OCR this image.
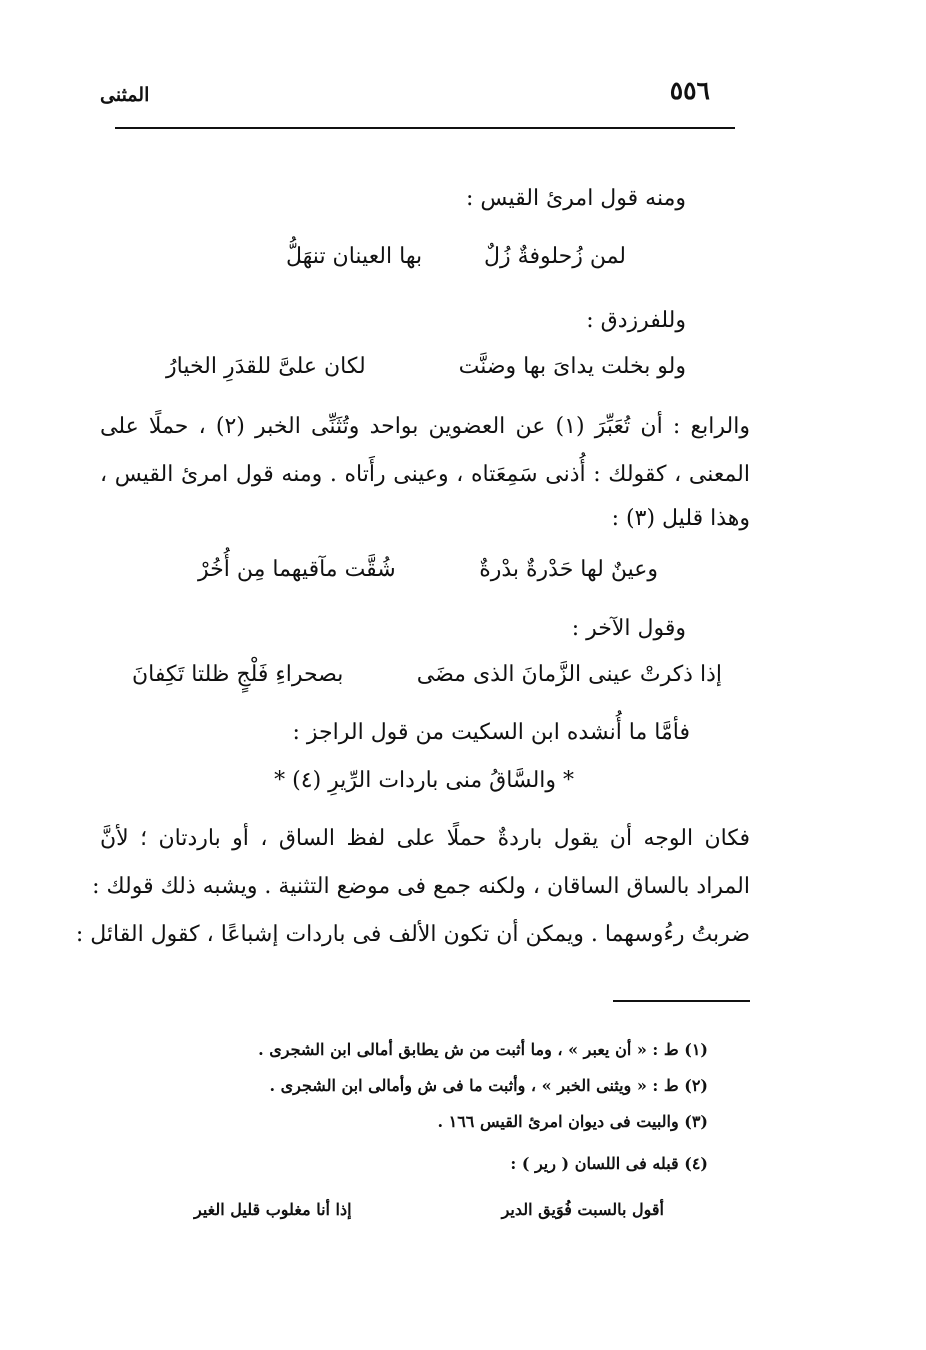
٥٥٦
المثنى
ومنه قول امرئ القيس :
لمن زُحلوفةٌ زُلٌ
بها العينان تنهَلُّ
وللفرزدق :
ولو بخلت يداىَ بها وضنَّت
لكان علىَّ للقدَرِ الخيارُ
والرابع : أن تُعَبِّرَ (١) عن العضوين بواحد وتُثَنِّى الخبر (٢) ، حملًا على
المعنى ، كقولك : أُذنى سَمِعَتاه ، وعينى رأَتاه . ومنه قول امرئ القيس ،
وهذا قليل (٣) :
وعينٌ لها حَدْرةٌ بدْرةٌ
شُقَّت مآقيهما مِن أُخُرْ
وقول الآخر :
إذا ذكرتْ عينى الزَّمانَ الذى مضَى
بصحراءِ فَلْجٍ ظلتا تَكِفانَ
فأمَّا ما أُنشده ابن السكيت من قول الراجز :
* والسَّاقُ منى باردات الرِّيرِ (٤) *
فكان الوجه أن يقول باردةٌ حملًا على لفظ الساق ، أو باردتان ؛ لأنَّ
المراد بالساق الساقان ، ولكنه جمع فى موضع التثنية . ويشبه ذلك قولك :
ضربتُ رءُوسهما . ويمكن أن تكون الألف فى باردات إشباعًا ، كقول القائل :
(١) ط : « أن يعبر » ، وما أثبت من ش يطابق أمالى ابن الشجرى .
(٢) ط : « ويثنى الخبر » ، وأثبت ما فى ش وأمالى ابن الشجرى .
(٣) والبيت فى ديوان امرئ القيس ١٦٦ .
(٤) قبله فى اللسان ( رير ) :
أقول بالسبت فُوَيق الدير
إذا أنا مغلوب قليل الغير
